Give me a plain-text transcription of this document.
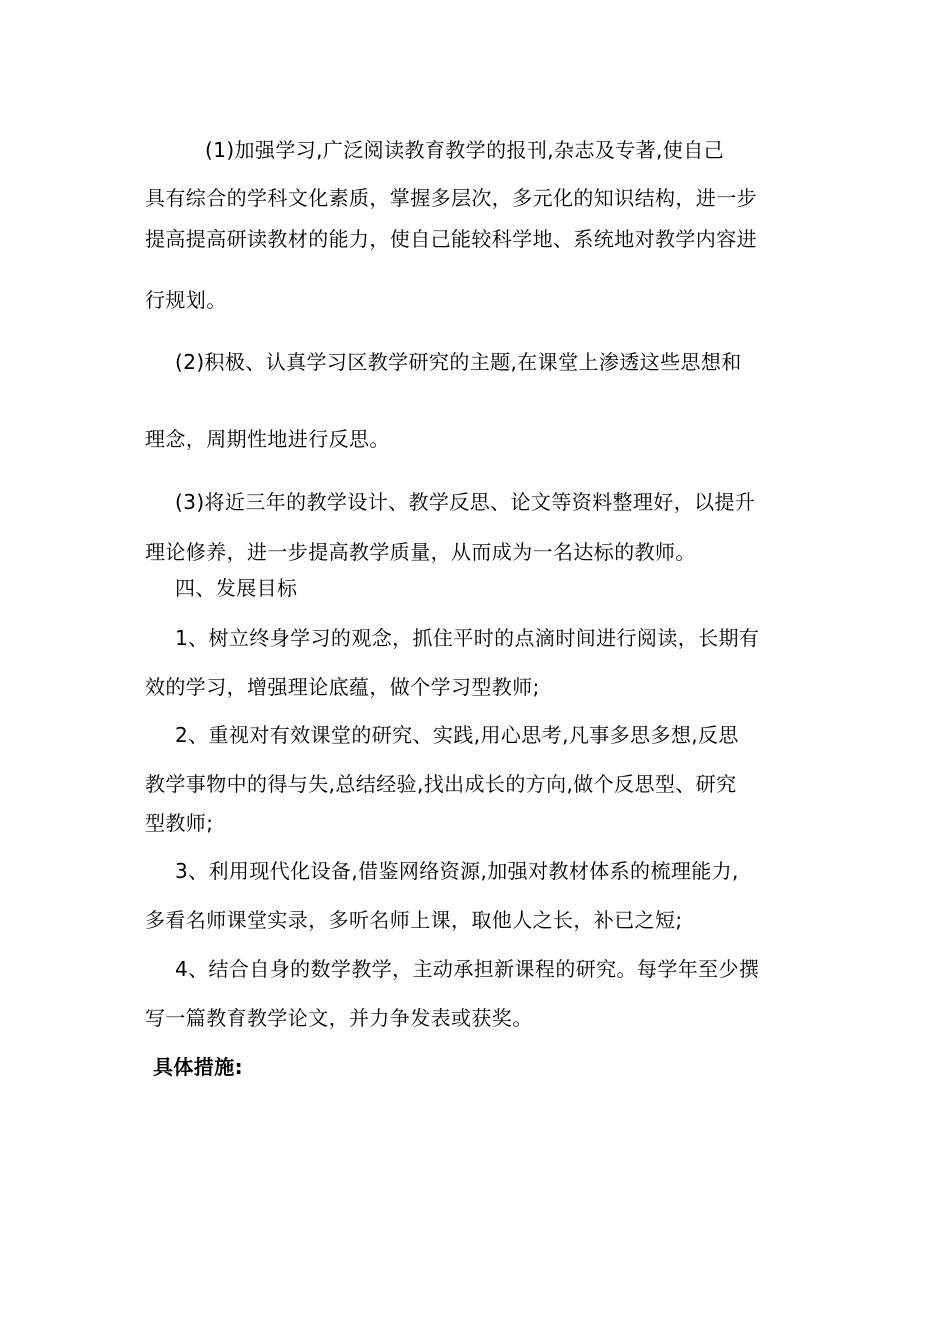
(1)加强学习,广泛阅读教育教学的报刊,杂志及专著,使自己
具有综合的学科文化素质，掌握多层次，多元化的知识结构，进一步
提高提高研读教材的能力，使自己能较科学地、系统地对教学内容进
行规划。
(2)积极、认真学习区教学研究的主题,在课堂上渗透这些思想和
理念，周期性地进行反思。
(3)将近三年的教学设计、教学反思、论文等资料整理好，以提升
理论修养，进一步提高教学质量，从而成为一名达标的教师。
四、发展目标
1、树立终身学习的观念，抓住平时的点滴时间进行阅读，长期有
效的学习，增强理论底蕴，做个学习型教师;
2、重视对有效课堂的研究、实践,用心思考,凡事多思多想,反思
教学事物中的得与失,总结经验,找出成长的方向,做个反思型、研究
型教师;
3、利用现代化设备,借鉴网络资源,加强对教材体系的梳理能力,
多看名师课堂实录，多听名师上课，取他人之长，补已之短;
4、结合自身的数学教学，主动承担新课程的研究。每学年至少撰
写一篇教育教学论文，并力争发表或获奖。
具体措施:
